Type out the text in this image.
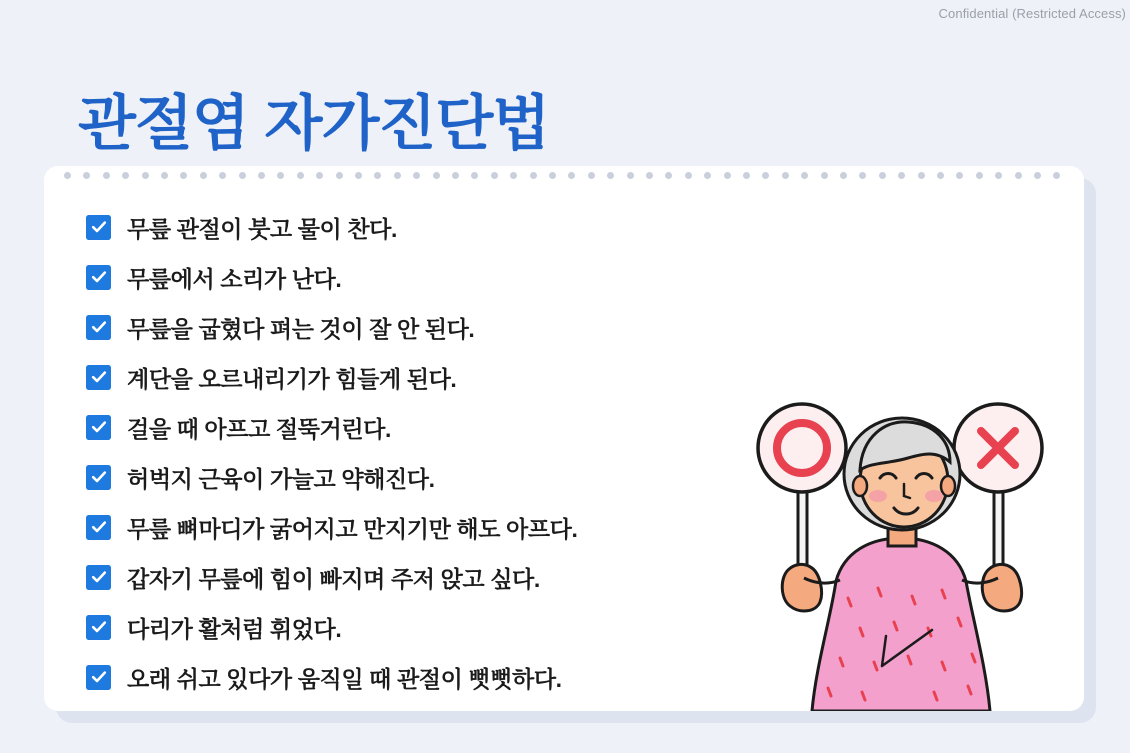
Confidential (Restricted Access)
관절염 자가진단법
무릎 관절이 붓고 물이 찬다.
무릎에서 소리가 난다.
무릎을 굽혔다 펴는 것이 잘 안 된다.
계단을 오르내리기가 힘들게 된다.
걸을 때 아프고 절뚝거린다.
허벅지 근육이 가늘고 약해진다.
무릎 뼈마디가 굵어지고 만지기만 해도 아프다.
갑자기 무릎에 힘이 빠지며 주저 앉고 싶다.
다리가 활처럼 휘었다.
오래 쉬고 있다가 움직일 때 관절이 뻣뻣하다.
